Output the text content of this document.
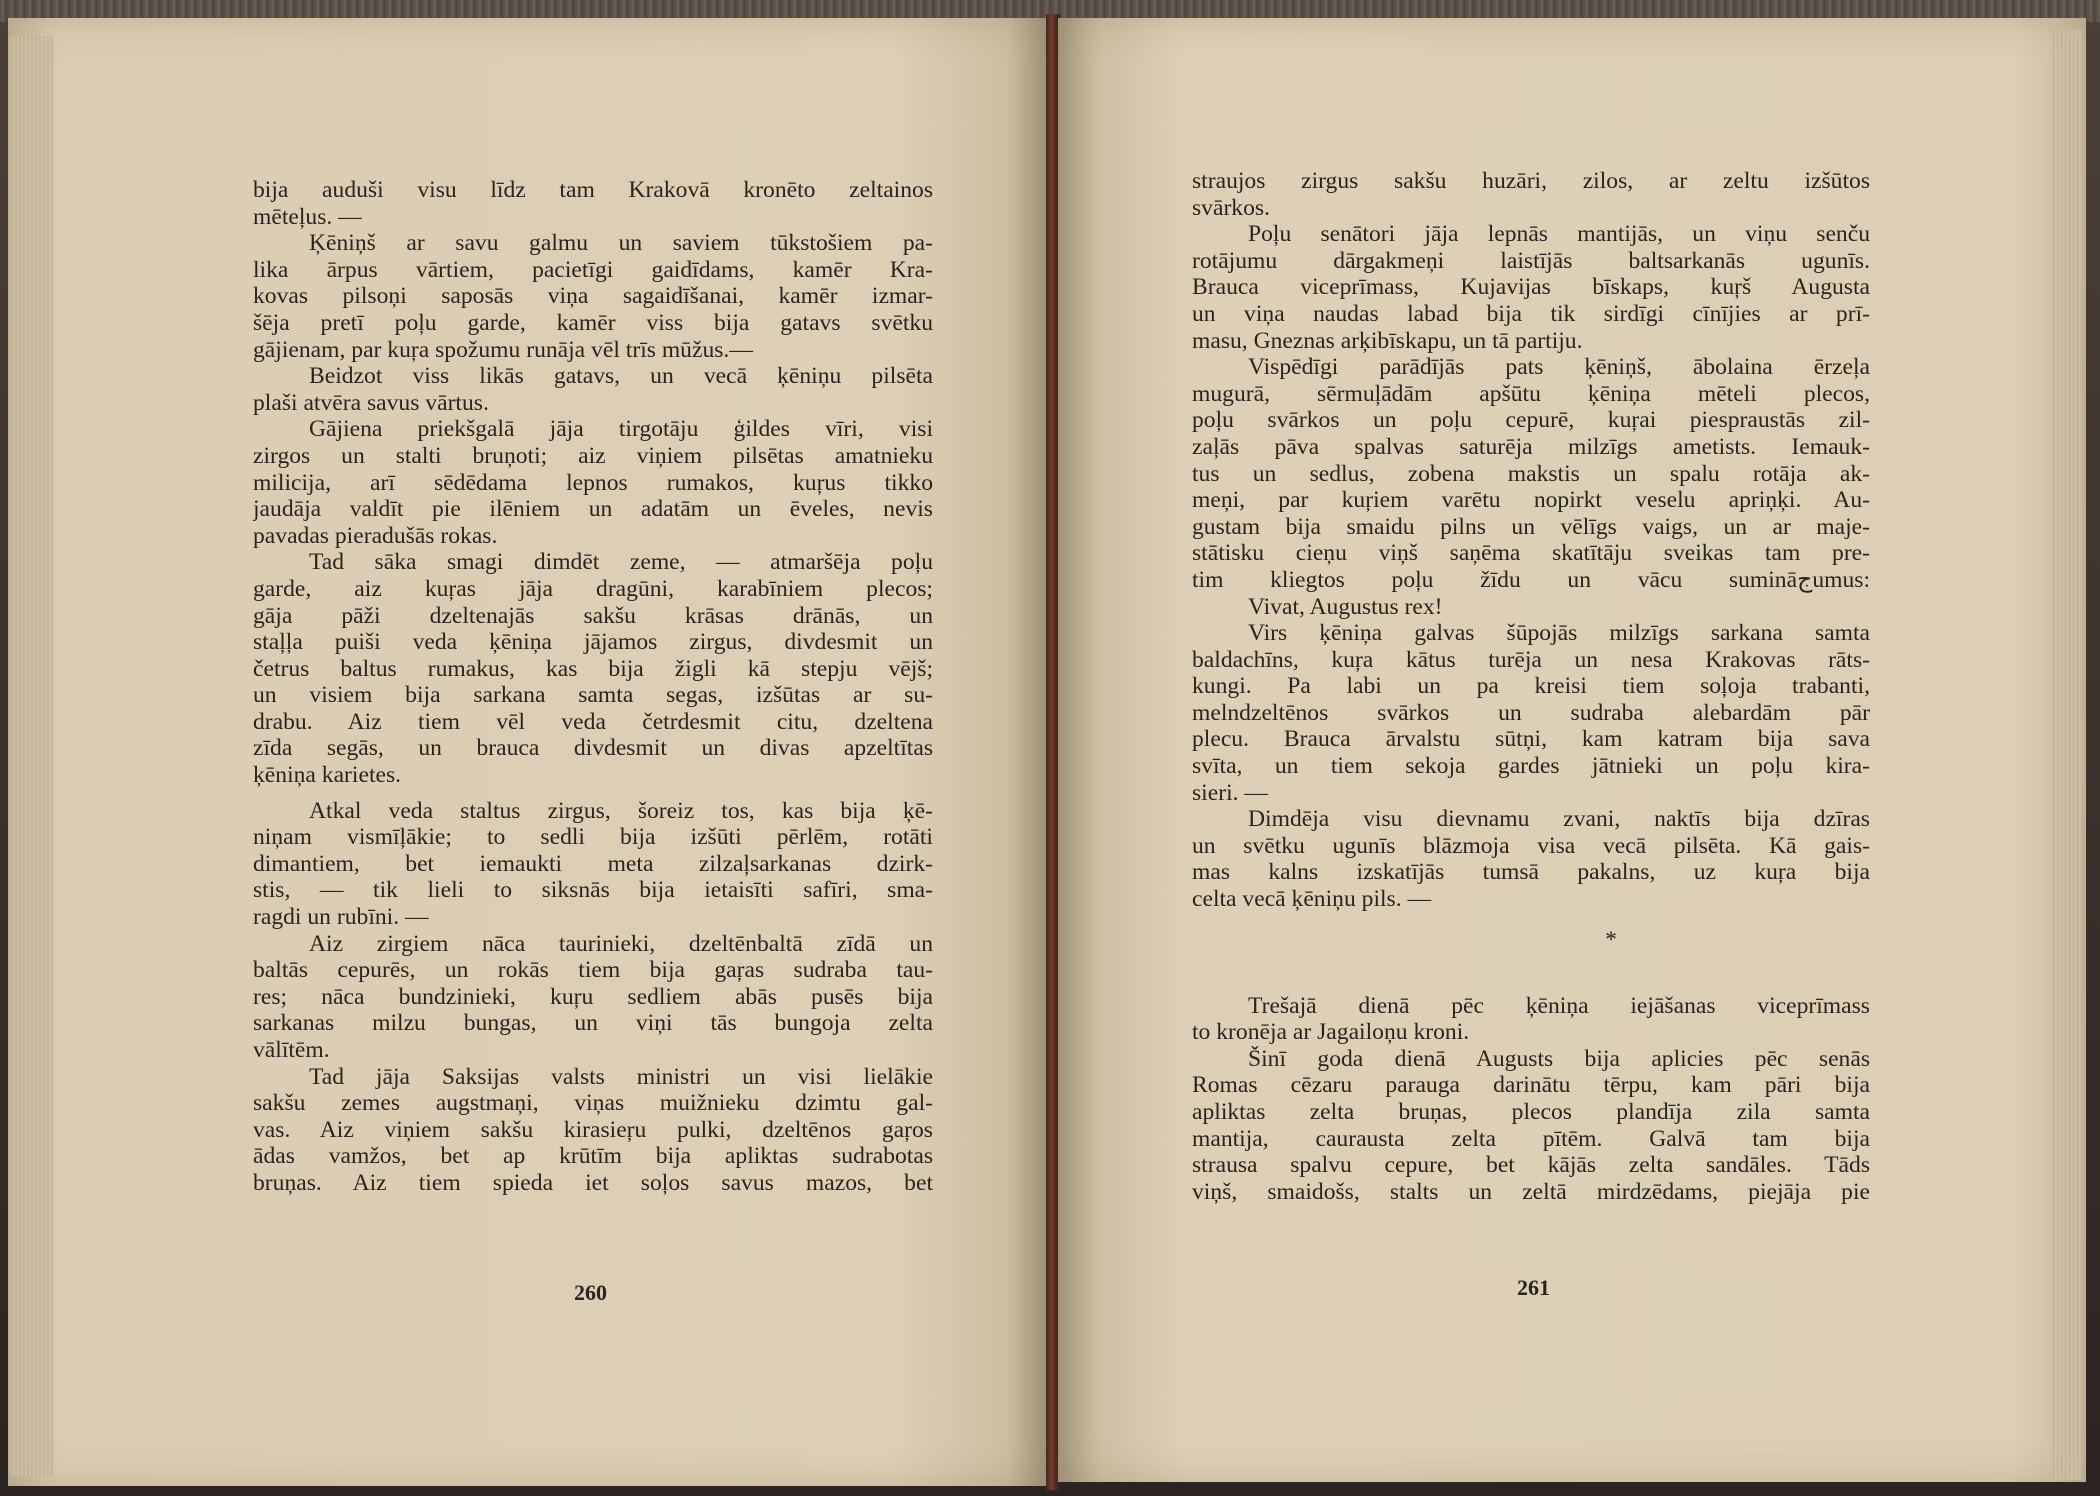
bija auduši visu līdz tam Krakovā kronēto zeltainos
mēteļus. —
Ķēniņš ar savu galmu un saviem tūkstošiem pa-
lika ārpus vārtiem, pacietīgi gaidīdams, kamēr Kra-
kovas pilsoņi saposās viņa sagaidīšanai, kamēr izmar-
šēja pretī poļu garde, kamēr viss bija gatavs svētku
gājienam, par kuŗa spožumu runāja vēl trīs mūžus.—
Beidzot viss likās gatavs, un vecā ķēniņu pilsēta
plaši atvēra savus vārtus.
Gājiena priekšgalā jāja tirgotāju ģildes vīri, visi
zirgos un stalti bruņoti; aiz viņiem pilsētas amatnieku
milicija, arī sēdēdama lepnos rumakos, kuŗus tikko
jaudāja valdīt pie ilēniem un adatām un ēveles, nevis
pavadas pieradušās rokas.
Tad sāka smagi dimdēt zeme, — atmaršēja poļu
garde, aiz kuŗas jāja dragūni, karabīniem plecos;
gāja pāži dzeltenajās sakšu krāsas drānās, un
staļļa puiši veda ķēniņa jājamos zirgus, divdesmit un
četrus baltus rumakus, kas bija žigli kā stepju vējš;
un visiem bija sarkana samta segas, izšūtas ar su-
drabu. Aiz tiem vēl veda četrdesmit citu, dzeltena
zīda segās, un brauca divdesmit un divas apzeltītas
ķēniņa karietes.
Atkal veda staltus zirgus, šoreiz tos, kas bija ķē-
niņam vismīļākie; to sedli bija izšūti pērlēm, rotāti
dimantiem, bet iemaukti meta zilzaļsarkanas dzirk-
stis, — tik lieli to siksnās bija ietaisīti safīri, sma-
ragdi un rubīni. —
Aiz zirgiem nāca taurinieki, dzeltēnbaltā zīdā un
baltās cepurēs, un rokās tiem bija gaŗas sudraba tau-
res; nāca bundzinieki, kuŗu sedliem abās pusēs bija
sarkanas milzu bungas, un viņi tās bungoja zelta
vālītēm.
Tad jāja Saksijas valsts ministri un visi lielākie
sakšu zemes augstmaņi, viņas muižnieku dzimtu gal-
vas. Aiz viņiem sakšu kirasieŗu pulki, dzeltēnos gaŗos
ādas vamžos, bet ap krūtīm bija apliktas sudrabotas
bruņas. Aiz tiem spieda iet soļos savus mazos, bet
straujos zirgus sakšu huzāri, zilos, ar zeltu izšūtos
svārkos.
Poļu senātori jāja lepnās mantijās, un viņu senču
rotājumu dārgakmeņi laistījās baltsarkanās ugunīs.
Brauca viceprīmass, Kujavijas bīskaps, kuŗš Augusta
un viņa naudas labad bija tik sirdīgi cīnījies ar prī-
masu, Gneznas arķibīskapu, un tā partiju.
Vispēdīgi parādījās pats ķēniņš, ābolaina ērzeļa
mugurā, sērmuļādām apšūtu ķēniņa mēteli plecos,
poļu svārkos un poļu cepurē, kuŗai piespraustās zil-
zaļās pāva spalvas saturēja milzīgs ametists. Iemauk-
tus un sedlus, zobena makstis un spalu rotāja ak-
meņi, par kuŗiem varētu nopirkt veselu apriņķi. Au-
gustam bija smaidu pilns un vēlīgs vaigs, un ar maje-
stātisku cieņu viņš saņēma skatītāju sveikas tam pre-
tim kliegtos poļu žīdu un vācu sumināجumus:
Vivat, Augustus rex!
Virs ķēniņa galvas šūpojās milzīgs sarkana samta
baldachīns, kuŗa kātus turēja un nesa Krakovas rāts-
kungi. Pa labi un pa kreisi tiem soļoja trabanti,
melndzeltēnos svārkos un sudraba alebardām pār
plecu. Brauca ārvalstu sūtņi, kam katram bija sava
svīta, un tiem sekoja gardes jātnieki un poļu kira-
sieri. —
Dimdēja visu dievnamu zvani, naktīs bija dzīras
un svētku ugunīs blāzmoja visa vecā pilsēta. Kā gais-
mas kalns izskatījās tumsā pakalns, uz kuŗa bija
celta vecā ķēniņu pils. —
*
Trešajā dienā pēc ķēniņa iejāšanas viceprīmass
to kronēja ar Jagailoņu kroni.
Šinī goda dienā Augusts bija aplicies pēc senās
Romas cēzaru parauga darinātu tērpu, kam pāri bija
apliktas zelta bruņas, plecos plandīja zila samta
mantija, caurausta zelta pītēm. Galvā tam bija
strausa spalvu cepure, bet kājās zelta sandāles. Tāds
viņš, smaidošs, stalts un zeltā mirdzēdams, piejāja pie
260	261
